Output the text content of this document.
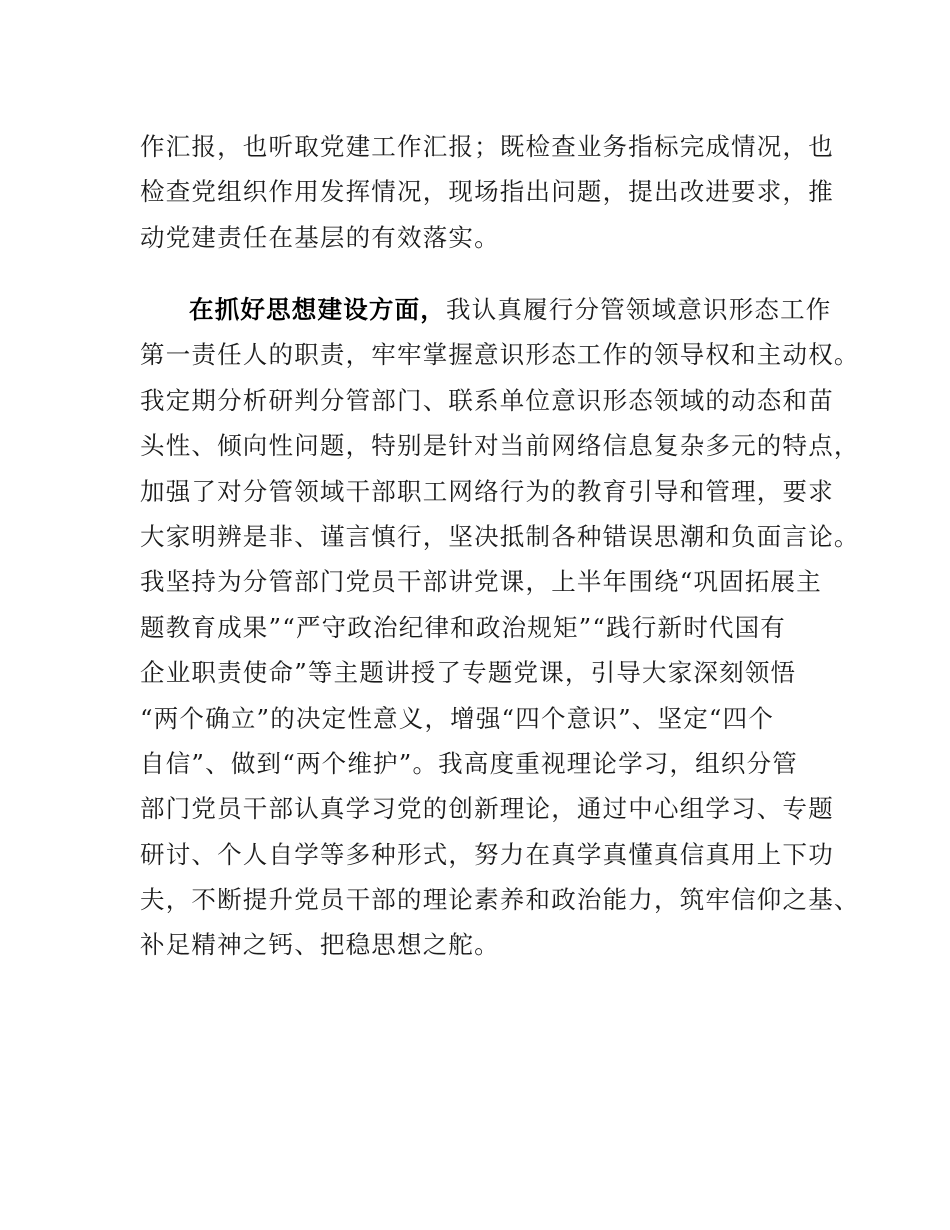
作汇报，也听取党建工作汇报；既检查业务指标完成情况，也
检查党组织作用发挥情况，现场指出问题，提出改进要求，推
动党建责任在基层的有效落实。
在抓好思想建设方面，我认真履行分管领域意识形态工作
第一责任人的职责，牢牢掌握意识形态工作的领导权和主动权。
我定期分析研判分管部门、联系单位意识形态领域的动态和苗
头性、倾向性问题，特别是针对当前网络信息复杂多元的特点，
加强了对分管领域干部职工网络行为的教育引导和管理，要求
大家明辨是非、谨言慎行，坚决抵制各种错误思潮和负面言论。
我坚持为分管部门党员干部讲党课，上半年围绕“巩固拓展主
题教育成果”“严守政治纪律和政治规矩”“践行新时代国有
企业职责使命”等主题讲授了专题党课，引导大家深刻领悟
“两个确立”的决定性意义，增强“四个意识”、坚定“四个
自信”、做到“两个维护”。我高度重视理论学习，组织分管
部门党员干部认真学习党的创新理论，通过中心组学习、专题
研讨、个人自学等多种形式，努力在真学真懂真信真用上下功
夫，不断提升党员干部的理论素养和政治能力，筑牢信仰之基、
补足精神之钙、把稳思想之舵。
